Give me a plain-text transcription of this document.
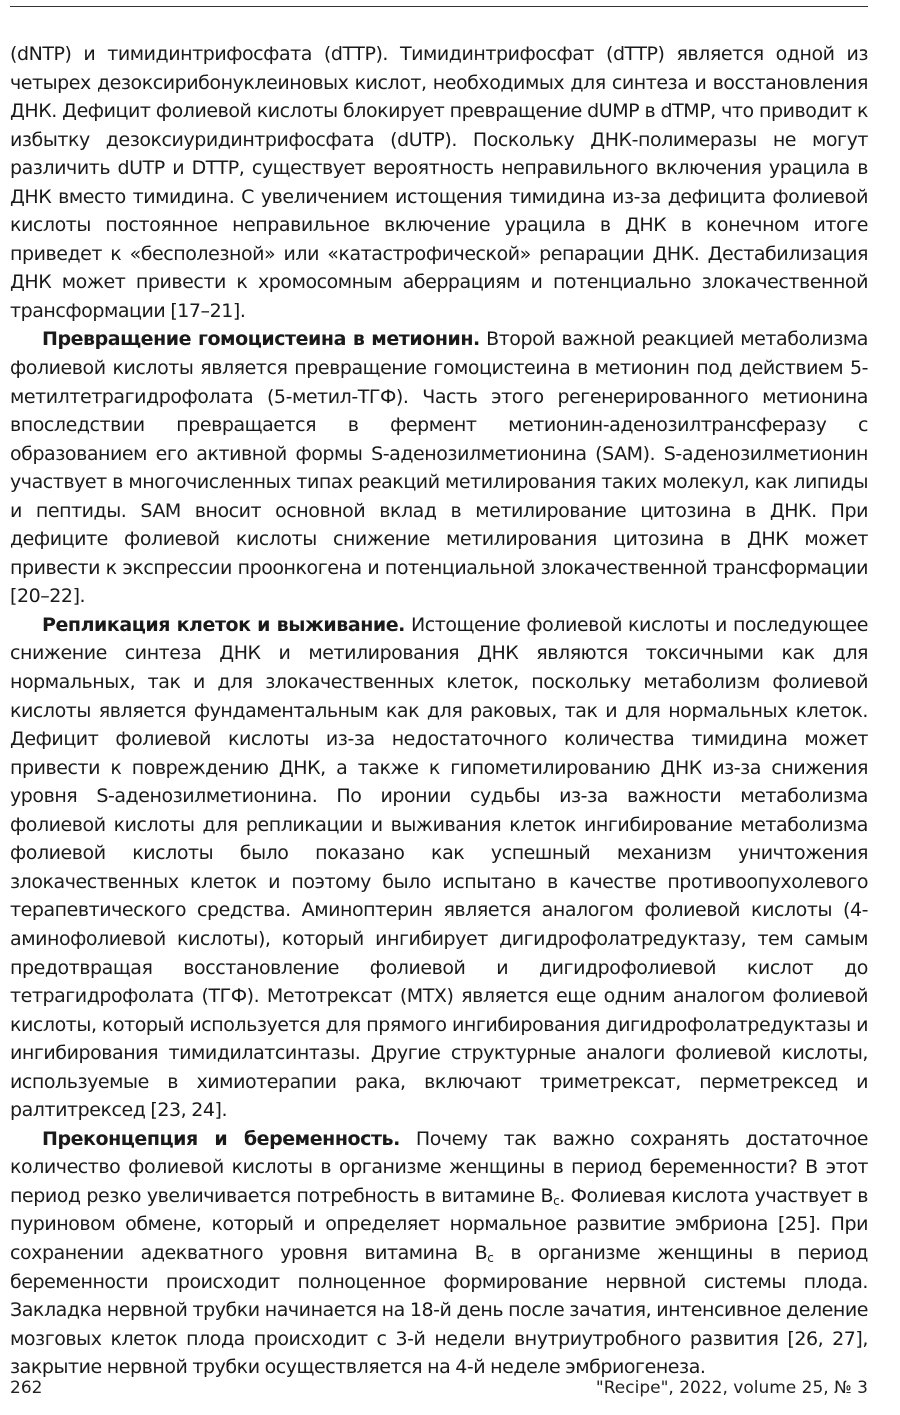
(dNTP) и тимидинтрифосфата (dTTP). Тимидинтрифосфат (dTTP) является одной из четырех дезоксирибонуклеиновых кислот, необходимых для синтеза и восстановления ДНК. Дефицит фолиевой кислоты блокирует превращение dUMP в dTMP, что приводит к избытку дезоксиуридинтрифосфата (dUTP). Поскольку ДНК-полимеразы не могут различить dUTP и DTTP, существует вероятность неправильного включения урацила в ДНК вместо тимидина. С увеличением истощения тимидина из-за дефицита фолиевой кислоты постоянное неправильное включение урацила в ДНК в конечном итоге приведет к «бесполезной» или «катастрофической» репарации ДНК. Дестабилизация ДНК может привести к хромосомным аберрациям и потенциально злокачественной трансформации [17–21].

Превращение гомоцистеина в метионин. Второй важной реакцией метаболизма фолиевой кислоты является превращение гомоцистеина в метионин под действием 5-метилтетрагидрофолата (5-метил-ТГФ). Часть этого регенерированного метионина впоследствии превращается в фермент метионин-аденозилтрансферазу с образованием его активной формы S-аденозилметионина (SAM). S-аденозилметионин участвует в многочисленных типах реакций метилирования таких молекул, как липиды и пептиды. SAM вносит основной вклад в метилирование цитозина в ДНК. При дефиците фолиевой кислоты снижение метилирования цитозина в ДНК может привести к экспрессии проонкогена и потенциальной злокачественной трансформации [20–22].

Репликация клеток и выживание. Истощение фолиевой кислоты и последующее снижение синтеза ДНК и метилирования ДНК являются токсичными как для нормальных, так и для злокачественных клеток, поскольку метаболизм фолиевой кислоты является фундаментальным как для раковых, так и для нормальных клеток. Дефицит фолиевой кислоты из-за недостаточного количества тимидина может привести к повреждению ДНК, а также к гипометилированию ДНК из-за снижения уровня S-аденозилметионина. По иронии судьбы из-за важности метаболизма фолиевой кислоты для репликации и выживания клеток ингибирование метаболизма фолиевой кислоты было показано как успешный механизм уничтожения злокачественных клеток и поэтому было испытано в качестве противоопухолевого терапевтического средства. Аминоптерин является аналогом фолиевой кислоты (4-аминофолиевой кислоты), который ингибирует дигидрофолатредуктазу, тем самым предотвращая восстановление фолиевой и дигидрофолиевой кислот до тетрагидрофолата (ТГФ). Метотрексат (MTX) является еще одним аналогом фолиевой кислоты, который используется для прямого ингибирования дигидрофолатредуктазы и ингибирования тимидилатсинтазы. Другие структурные аналоги фолиевой кислоты, используемые в химиотерапии рака, включают триметрексат, перметрексед и ралтитрексед [23, 24].

Преконцепция и беременность. Почему так важно сохранять достаточное количество фолиевой кислоты в организме женщины в период беременности? В этот период резко увеличивается потребность в витамине $В_c$. Фолиевая кислота участвует в пуриновом обмене, который и определяет нормальное развитие эмбриона [25]. При сохранении адекватного уровня витамина $В_c$ в организме женщины в период беременности происходит полноценное формирование нервной системы плода. Закладка нервной трубки начинается на 18-й день после зачатия, интенсивное деление мозговых клеток плода происходит с 3-й недели внутриутробного развития [26, 27], закрытие нервной трубки осуществляется на 4-й неделе эмбриогенеза.

262	"Recipe", 2022, volume 25, № 3
